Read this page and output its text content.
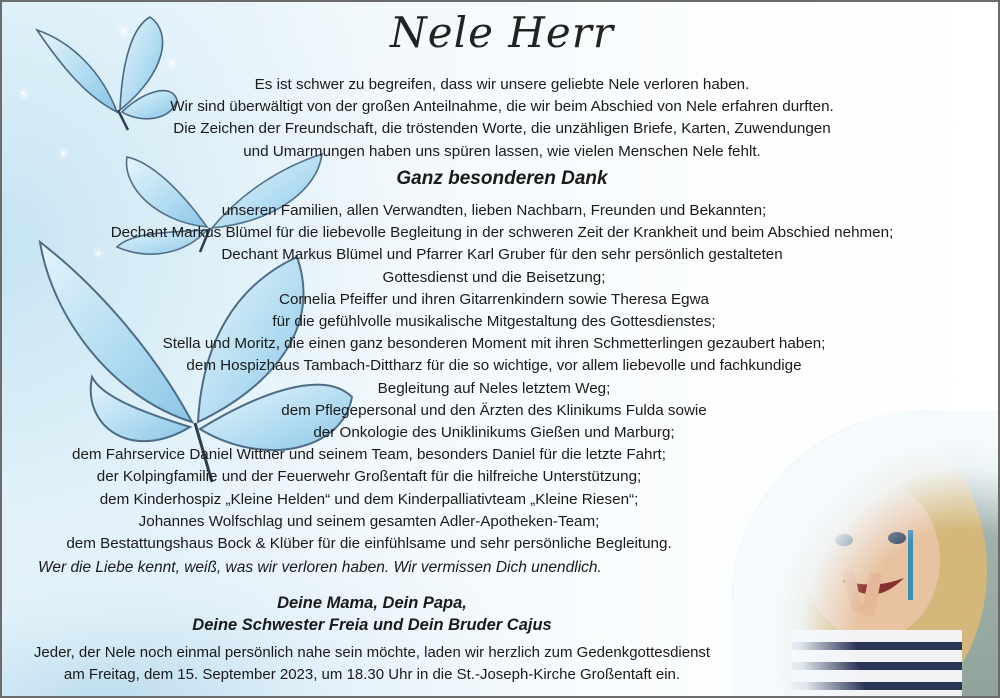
Nele Herr
Es ist schwer zu begreifen, dass wir unsere geliebte Nele verloren haben.
Wir sind überwältigt von der großen Anteilnahme, die wir beim Abschied von Nele erfahren durften.
Die Zeichen der Freundschaft, die tröstenden Worte, die unzähligen Briefe, Karten, Zuwendungen
und Umarmungen haben uns spüren lassen, wie vielen Menschen Nele fehlt.
Ganz besonderen Dank
unseren Familien, allen Verwandten, lieben Nachbarn, Freunden und Bekannten;
Dechant Markus Blümel für die liebevolle Begleitung in der schweren Zeit der Krankheit und beim Abschied nehmen;
Dechant Markus Blümel und Pfarrer Karl Gruber für den sehr persönlich gestalteten
Gottesdienst und die Beisetzung;
Cornelia Pfeiffer und ihren Gitarrenkindern sowie Theresa Egwa
für die gefühlvolle musikalische Mitgestaltung des Gottesdienstes;
Stella und Moritz, die einen ganz besonderen Moment mit ihren Schmetterlingen gezaubert haben;
dem Hospizhaus Tambach-Dittharz für die so wichtige, vor allem liebevolle und fachkundige
Begleitung auf Neles letztem Weg;
dem Pflegepersonal und den Ärzten des Klinikums Fulda sowie
der Onkologie des Uniklinikums Gießen und Marburg;
dem Fahrservice Daniel Wittner und seinem Team, besonders Daniel für die letzte Fahrt;
der Kolpingfamilie und der Feuerwehr Großentaft für die hilfreiche Unterstützung;
dem Kinderhospiz „Kleine Helden“ und dem Kinderpalliativteam „Kleine Riesen“;
Johannes Wolfschlag und seinem gesamten Adler-Apotheken-Team;
dem Bestattungshaus Bock & Klüber für die einfühlsame und sehr persönliche Begleitung.
Wer die Liebe kennt, weiß, was wir verloren haben. Wir vermissen Dich unendlich.
Deine Mama, Dein Papa,
Deine Schwester Freia und Dein Bruder Cajus
Jeder, der Nele noch einmal persönlich nahe sein möchte, laden wir herzlich zum Gedenkgottesdienst
am Freitag, dem 15. September 2023, um 18.30 Uhr in die St.-Joseph-Kirche Großentaft ein.
